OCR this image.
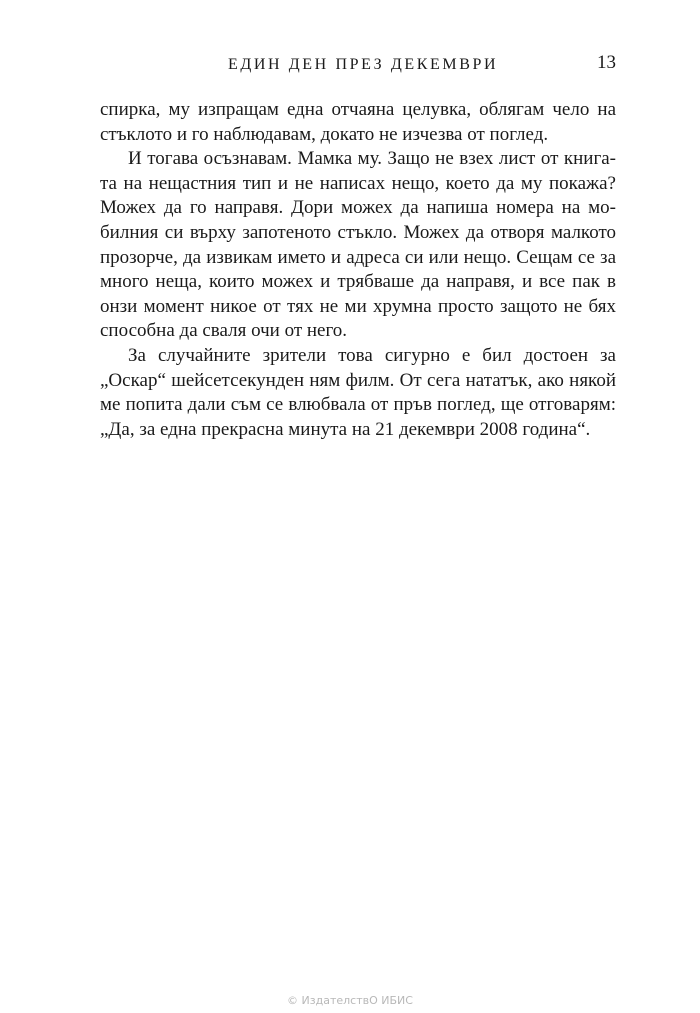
ЕДИН ДЕН ПРЕЗ ДЕКЕМВРИ	13
спирка, му изпращам една отчаяна целувка, облягам чело на
стъклото и го наблюдавам, докато не изчезва от поглед.
И тогава осъзнавам. Мамка му. Защо не взех лист от книга-
та на нещастния тип и не написах нещо, което да му покажа?
Можех да го направя. Дори можех да напиша номера на мо-
билния си върху запотеното стъкло. Можех да отворя малкото
прозорче, да извикам името и адреса си или нещо. Сещам се за
много неща, които можех и трябваше да направя, и все пак в
онзи момент никое от тях не ми хрумна просто защото не бях
способна да сваля очи от него.
За случайните зрители това сигурно е бил достоен за
„Оскар“ шейсетсекунден ням филм. От сега нататък, ако някой
ме попита дали съм се влюбвала от пръв поглед, ще отговарям:
„Да, за една прекрасна минута на 21 декември 2008 година“.
© ИздателствО ИБИС
